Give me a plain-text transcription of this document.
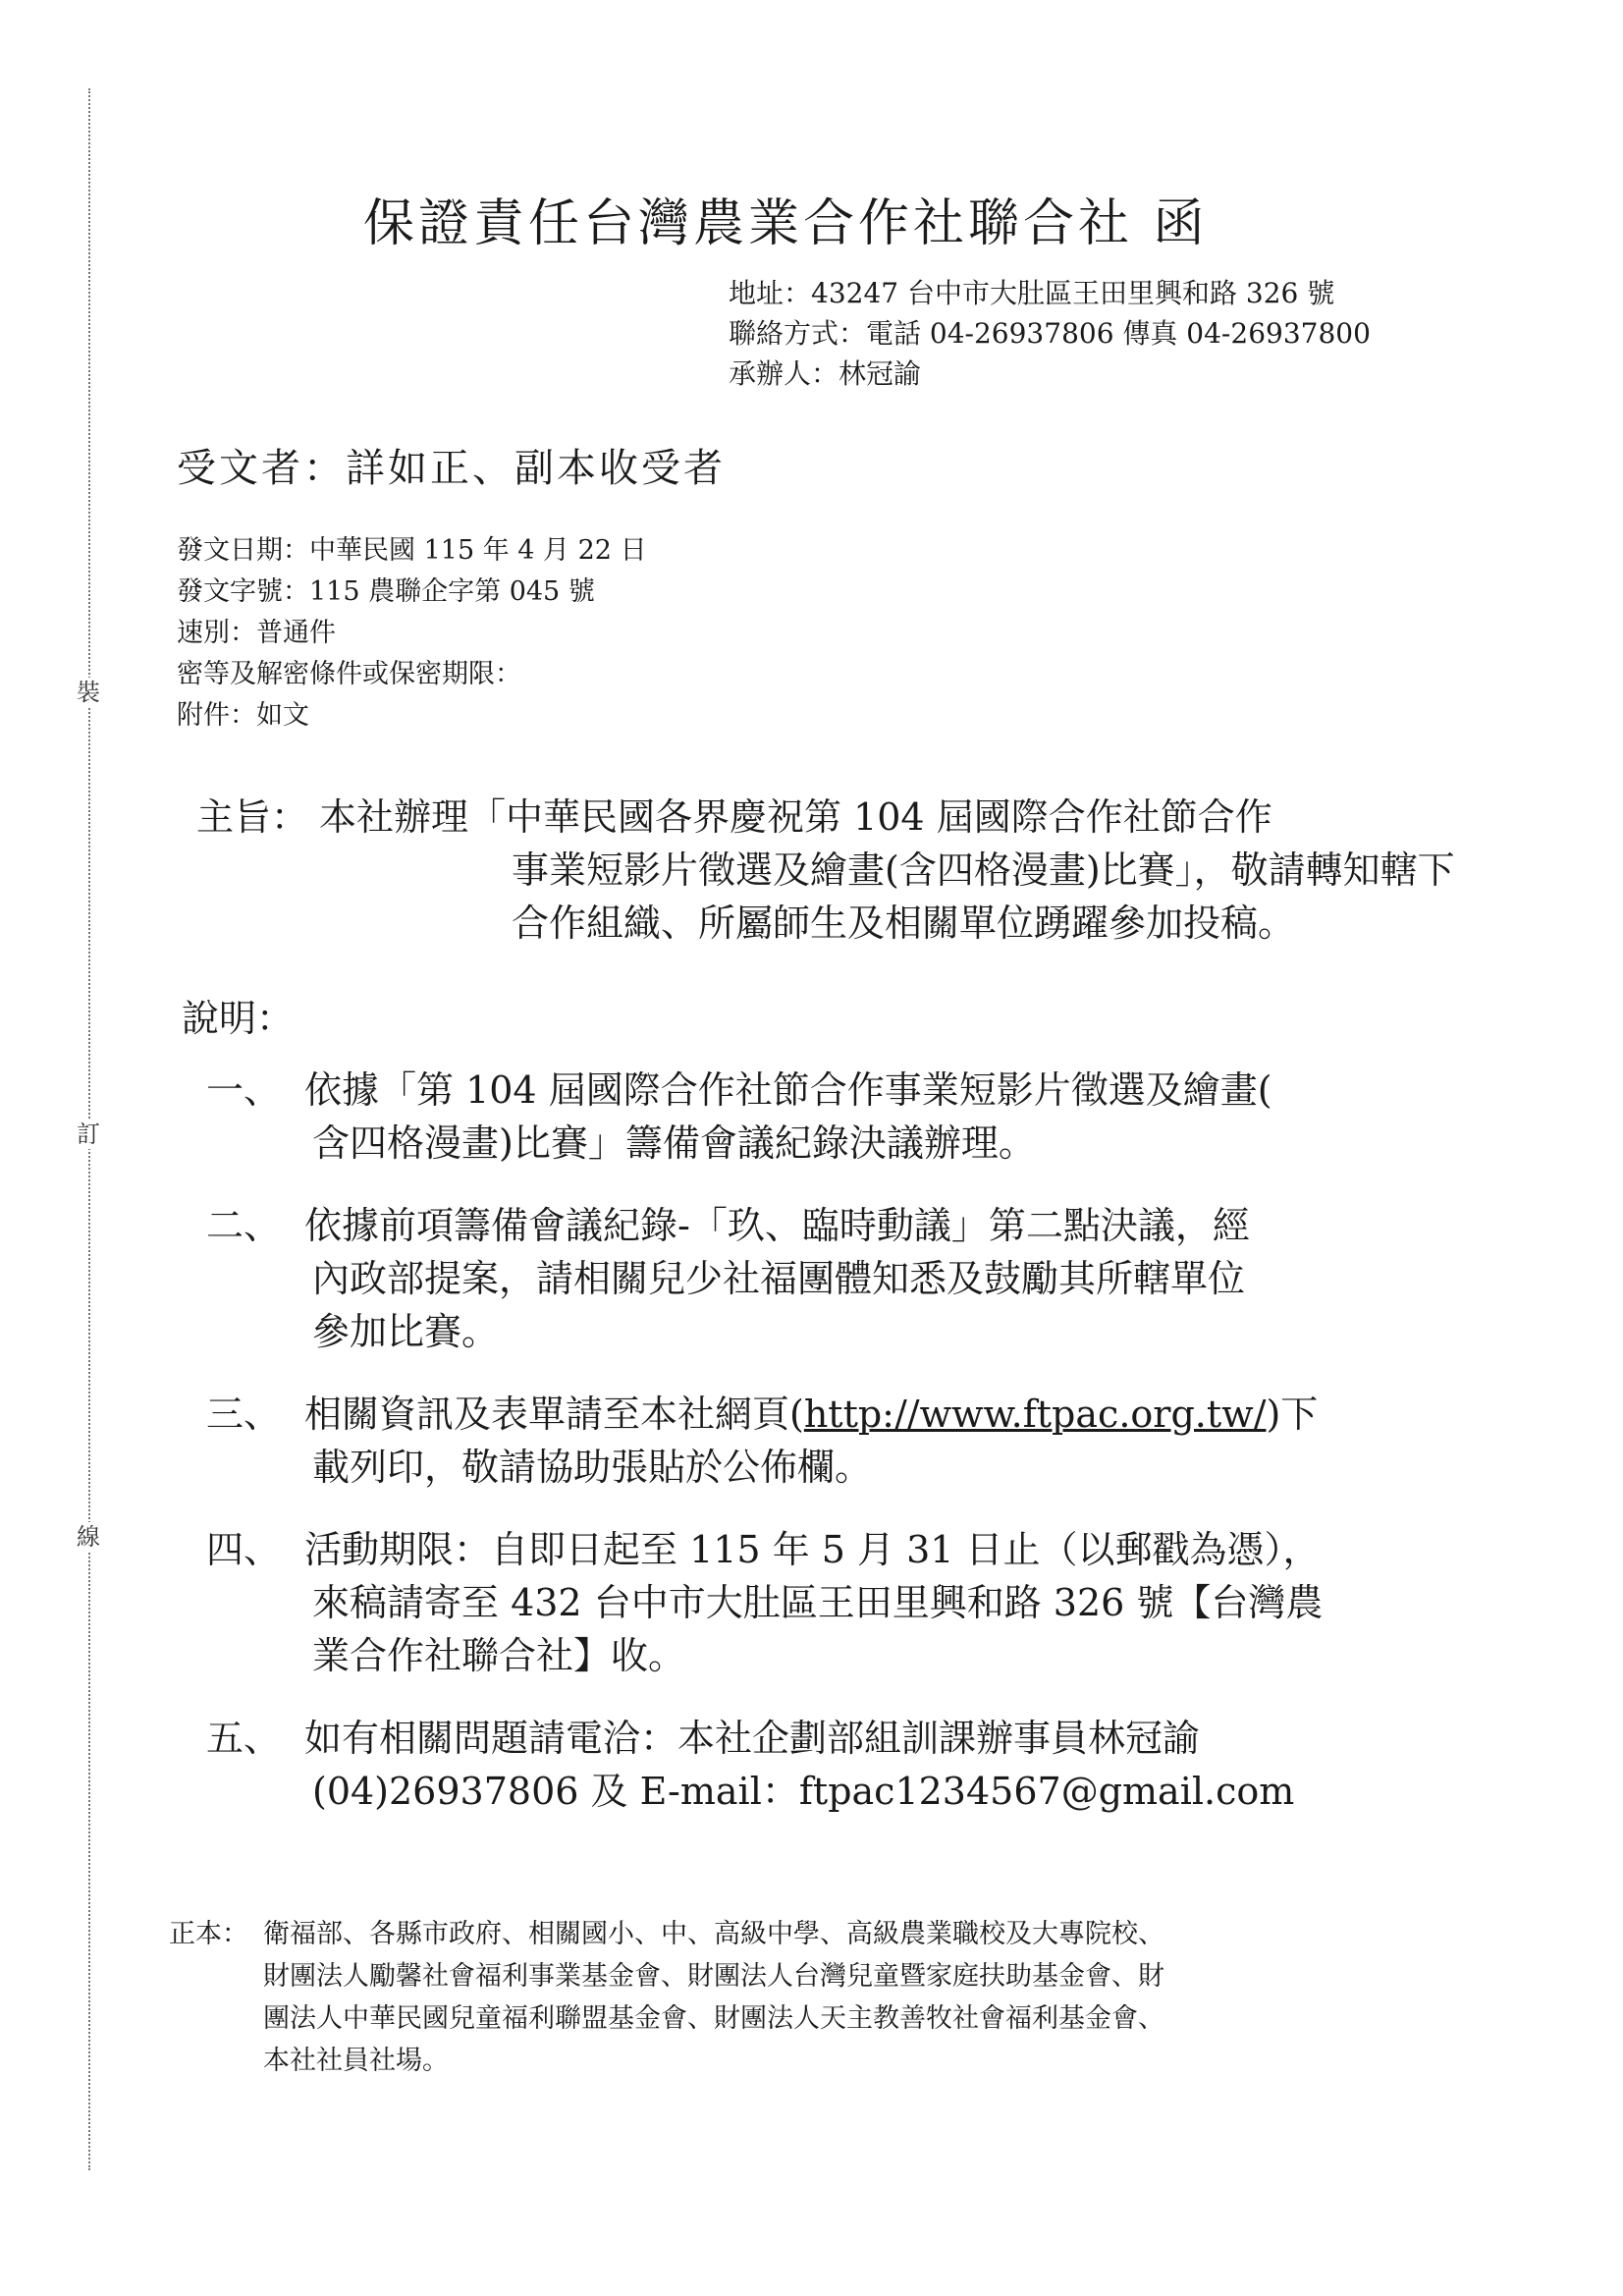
裝
訂
線
保證責任台灣農業合作社聯合社 函
地址：43247 台中市大肚區王田里興和路 326 號
聯絡方式：電話 04-26937806 傳真 04-26937800
承辦人：林冠諭
受文者：詳如正、副本收受者
發文日期：中華民國 115 年 4 月 22 日
發文字號：115 農聯企字第 045 號
速別：普通件
密等及解密條件或保密期限：
附件：如文
主旨： 本社辦理「中華民國各界慶祝第 104 屆國際合作社節合作
事業短影片徵選及繪畫(含四格漫畫)比賽」，敬請轉知轄下
合作組織、所屬師生及相關單位踴躍參加投稿。
說明：
一、 依據「第 104 屆國際合作社節合作事業短影片徵選及繪畫(
含四格漫畫)比賽」籌備會議紀錄決議辦理。
二、 依據前項籌備會議紀錄-「玖、臨時動議」第二點決議，經
內政部提案，請相關兒少社福團體知悉及鼓勵其所轄單位
參加比賽。
三、 相關資訊及表單請至本社網頁(http://www.ftpac.org.tw/)下
載列印，敬請協助張貼於公佈欄。
四、 活動期限：自即日起至 115 年 5 月 31 日止（以郵戳為憑），
來稿請寄至 432 台中市大肚區王田里興和路 326 號【台灣農
業合作社聯合社】收。
五、 如有相關問題請電洽：本社企劃部組訓課辦事員林冠諭
(04)26937806 及 E-mail：ftpac1234567@gmail.com
正本： 衛福部、各縣市政府、相關國小、中、高級中學、高級農業職校及大專院校、
財團法人勵馨社會福利事業基金會、財團法人台灣兒童暨家庭扶助基金會、財
團法人中華民國兒童福利聯盟基金會、財團法人天主教善牧社會福利基金會、
本社社員社場。
